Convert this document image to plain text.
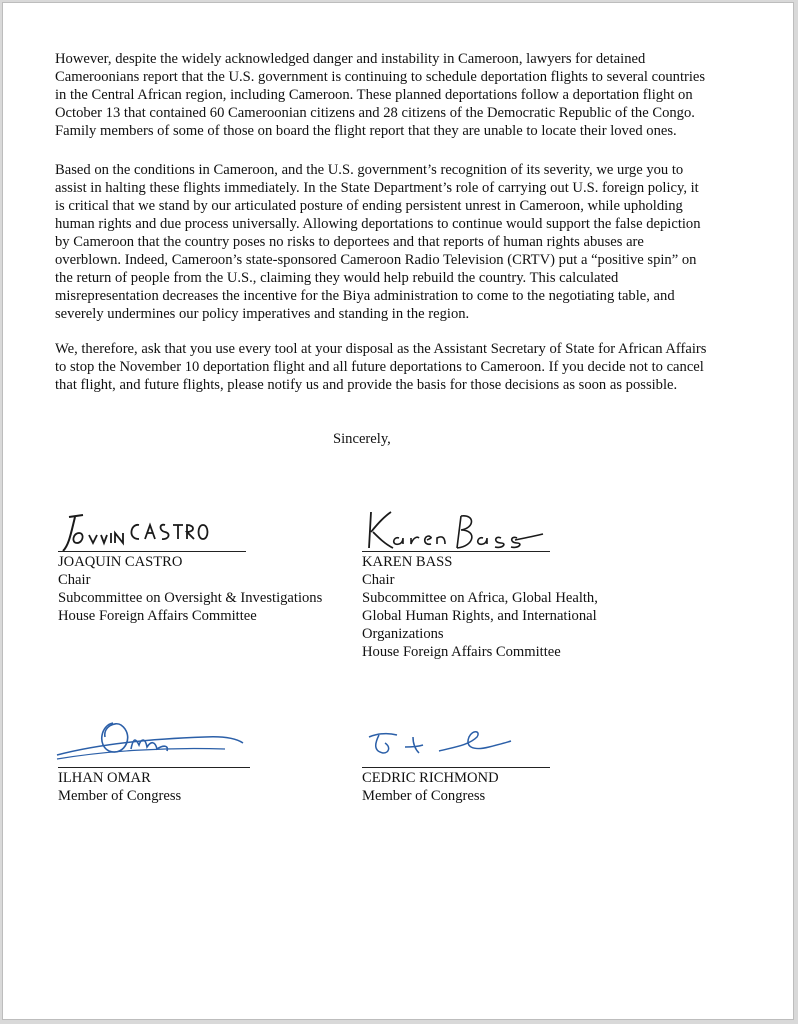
However, despite the widely acknowledged danger and instability in Cameroon, lawyers for detained
Cameroonians report that the U.S. government is continuing to schedule deportation flights to several countries
in the Central African region, including Cameroon. These planned deportations follow a deportation flight on
October 13 that contained 60 Cameroonian citizens and 28 citizens of the Democratic Republic of the Congo.
Family members of some of those on board the flight report that they are unable to locate their loved ones.
Based on the conditions in Cameroon, and the U.S. government’s recognition of its severity, we urge you to
assist in halting these flights immediately. In the State Department’s role of carrying out U.S. foreign policy, it
is critical that we stand by our articulated posture of ending persistent unrest in Cameroon, while upholding
human rights and due process universally. Allowing deportations to continue would support the false depiction
by Cameroon that the country poses no risks to deportees and that reports of human rights abuses are
overblown. Indeed, Cameroon’s state-sponsored Cameroon Radio Television (CRTV) put a “positive spin” on
the return of people from the U.S., claiming they would help rebuild the country. This calculated
misrepresentation decreases the incentive for the Biya administration to come to the negotiating table, and
severely undermines our policy imperatives and standing in the region.
We, therefore, ask that you use every tool at your disposal as the Assistant Secretary of State for African Affairs
to stop the November 10 deportation flight and all future deportations to Cameroon. If you decide not to cancel
that flight, and future flights, please notify us and provide the basis for those decisions as soon as possible.
Sincerely,
JOAQUIN CASTRO
Chair
Subcommittee on Oversight & Investigations
House Foreign Affairs Committee
KAREN BASS
Chair
Subcommittee on Africa, Global Health,
Global Human Rights, and International
Organizations
House Foreign Affairs Committee
ILHAN OMAR
Member of Congress
CEDRIC RICHMOND
Member of Congress
